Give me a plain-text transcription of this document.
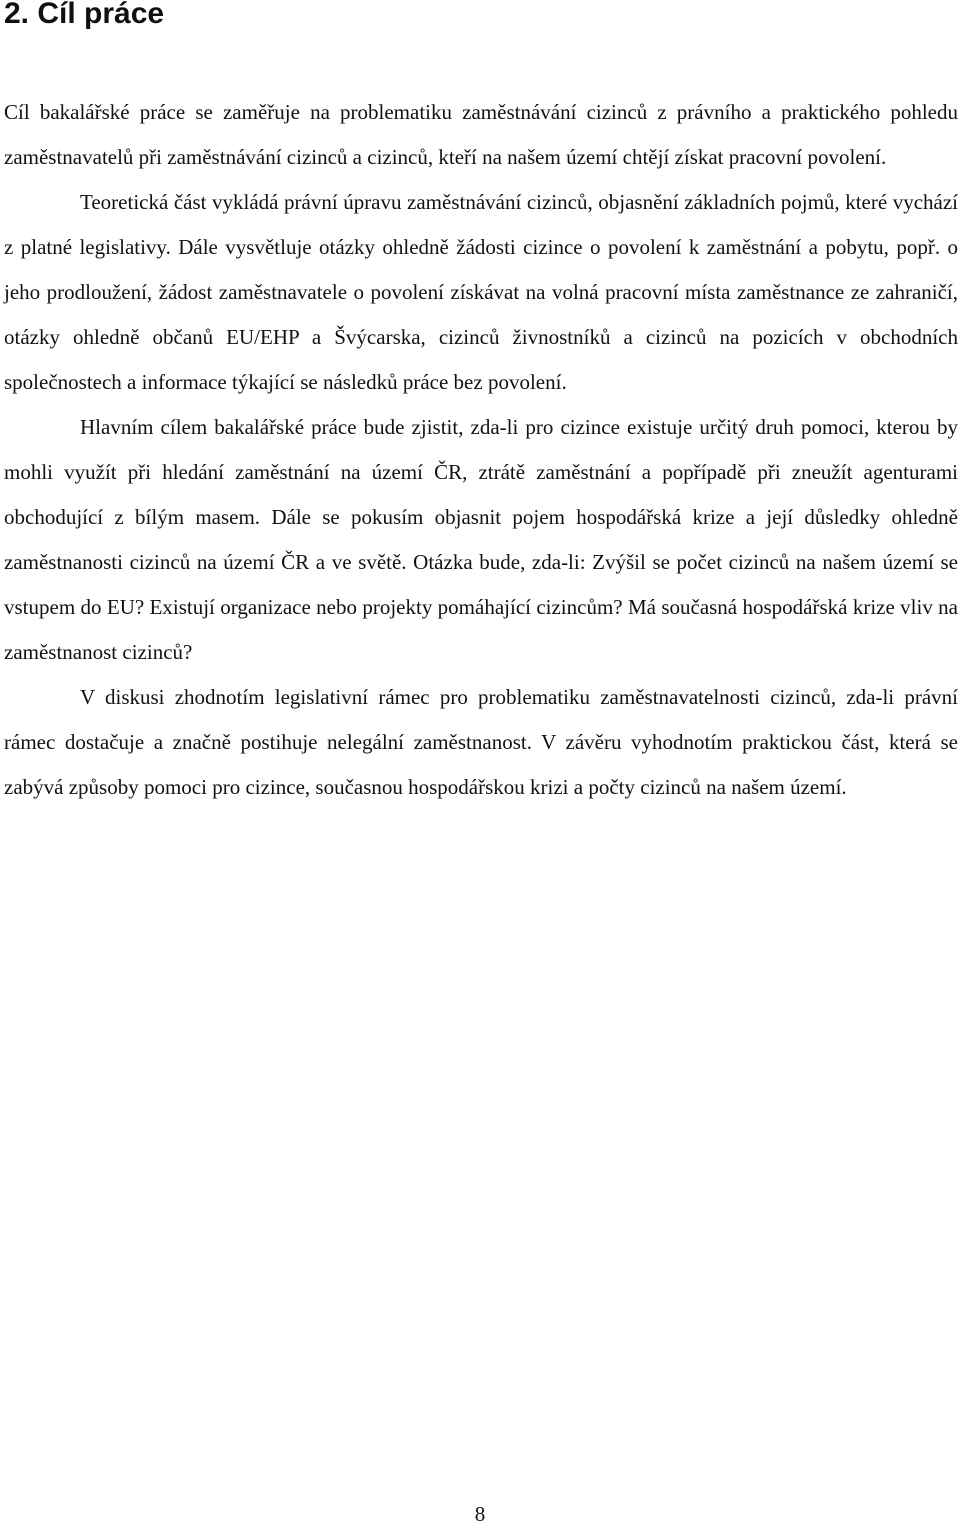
2. Cíl práce

Cíl bakalářské práce se zaměřuje na problematiku zaměstnávání cizinců z právního a praktického pohledu zaměstnavatelů při zaměstnávání cizinců a cizinců, kteří na našem území chtějí získat pracovní povolení.

Teoretická část vykládá právní úpravu zaměstnávání cizinců, objasnění základních pojmů, které vychází z platné legislativy. Dále vysvětluje otázky ohledně žádosti cizince o povolení k zaměstnání a pobytu, popř. o jeho prodloužení, žádost zaměstnavatele o povolení získávat na volná pracovní místa zaměstnance ze zahraničí, otázky ohledně občanů EU/EHP a Švýcarska, cizinců živnostníků a cizinců na pozicích v obchodních společnostech a informace týkající se následků práce bez povolení.

Hlavním cílem bakalářské práce bude zjistit, zda-li pro cizince existuje určitý druh pomoci, kterou by mohli využít při hledání zaměstnání na území ČR, ztrátě zaměstnání a popřípadě při zneužít agenturami obchodující z bílým masem. Dále se pokusím objasnit pojem hospodářská krize a její důsledky ohledně zaměstnanosti cizinců na území ČR a ve světě. Otázka bude, zda-li: Zvýšil se počet cizinců na našem území se vstupem do EU? Existují organizace nebo projekty pomáhající cizincům? Má současná hospodářská krize vliv na zaměstnanost cizinců?

V diskusi zhodnotím legislativní rámec pro problematiku zaměstnavatelnosti cizinců, zda-li právní rámec dostačuje a značně postihuje nelegální zaměstnanost. V závěru vyhodnotím praktickou část, která se zabývá způsoby pomoci pro cizince, současnou hospodářskou krizi a počty cizinců na našem území.

8
